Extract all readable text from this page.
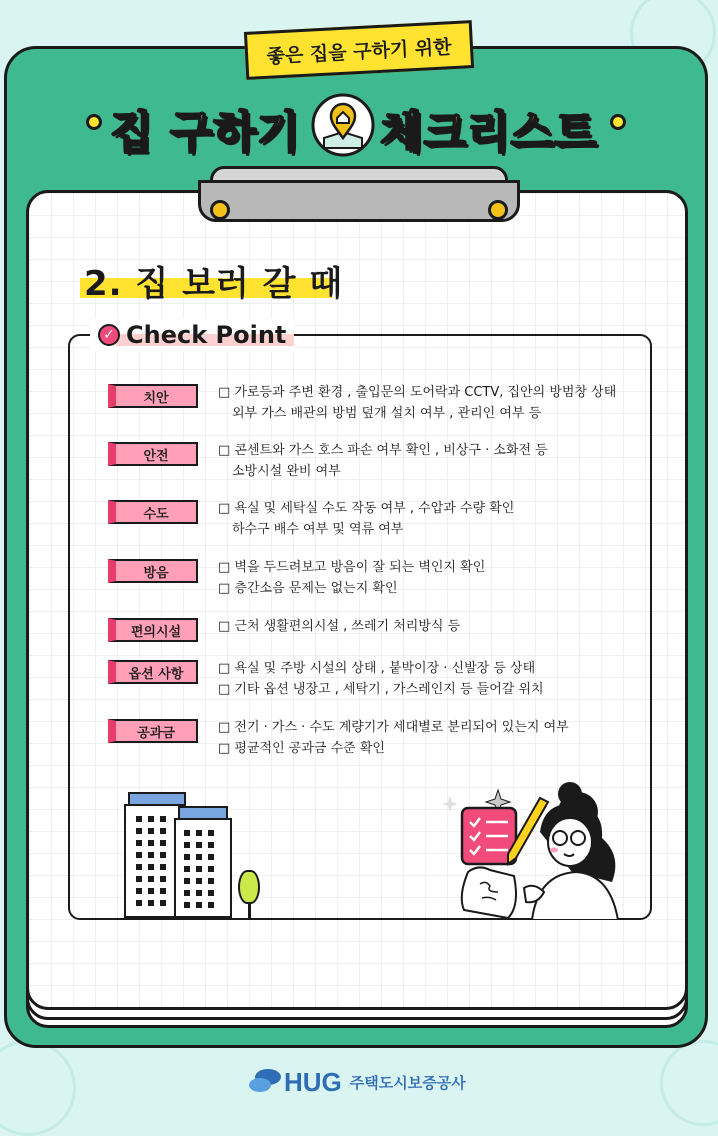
좋은 집을 구하기 위한
집 구하기 체크리스트
2. 집 보러 갈 때
✓ Check Point
치안	□ 가로등과 주변 환경 , 출입문의 도어락과 CCTV, 집안의 방범창 상태
외부 가스 배관의 방범 덮개 설치 여부 , 관리인 여부 등
안전	□ 콘센트와 가스 호스 파손 여부 확인 , 비상구 · 소화전 등
소방시설 완비 여부
수도	□ 욕실 및 세탁실 수도 작동 여부 , 수압과 수량 확인
하수구 배수 여부 및 역류 여부
방음	□ 벽을 두드려보고 방음이 잘 되는 벽인지 확인
□ 층간소음 문제는 없는지 확인
편의시설	□ 근처 생활편의시설 , 쓰레기 처리방식 등
옵션 사항	□ 욕실 및 주방 시설의 상태 , 붙박이장 · 신발장 등 상태
□ 기타 옵션 냉장고 , 세탁기 , 가스레인지 등 들어갈 위치
공과금	□ 전기 · 가스 · 수도 계량기가 세대별로 분리되어 있는지 여부
□ 평균적인 공과금 수준 확인
HUG 주택도시보증공사
